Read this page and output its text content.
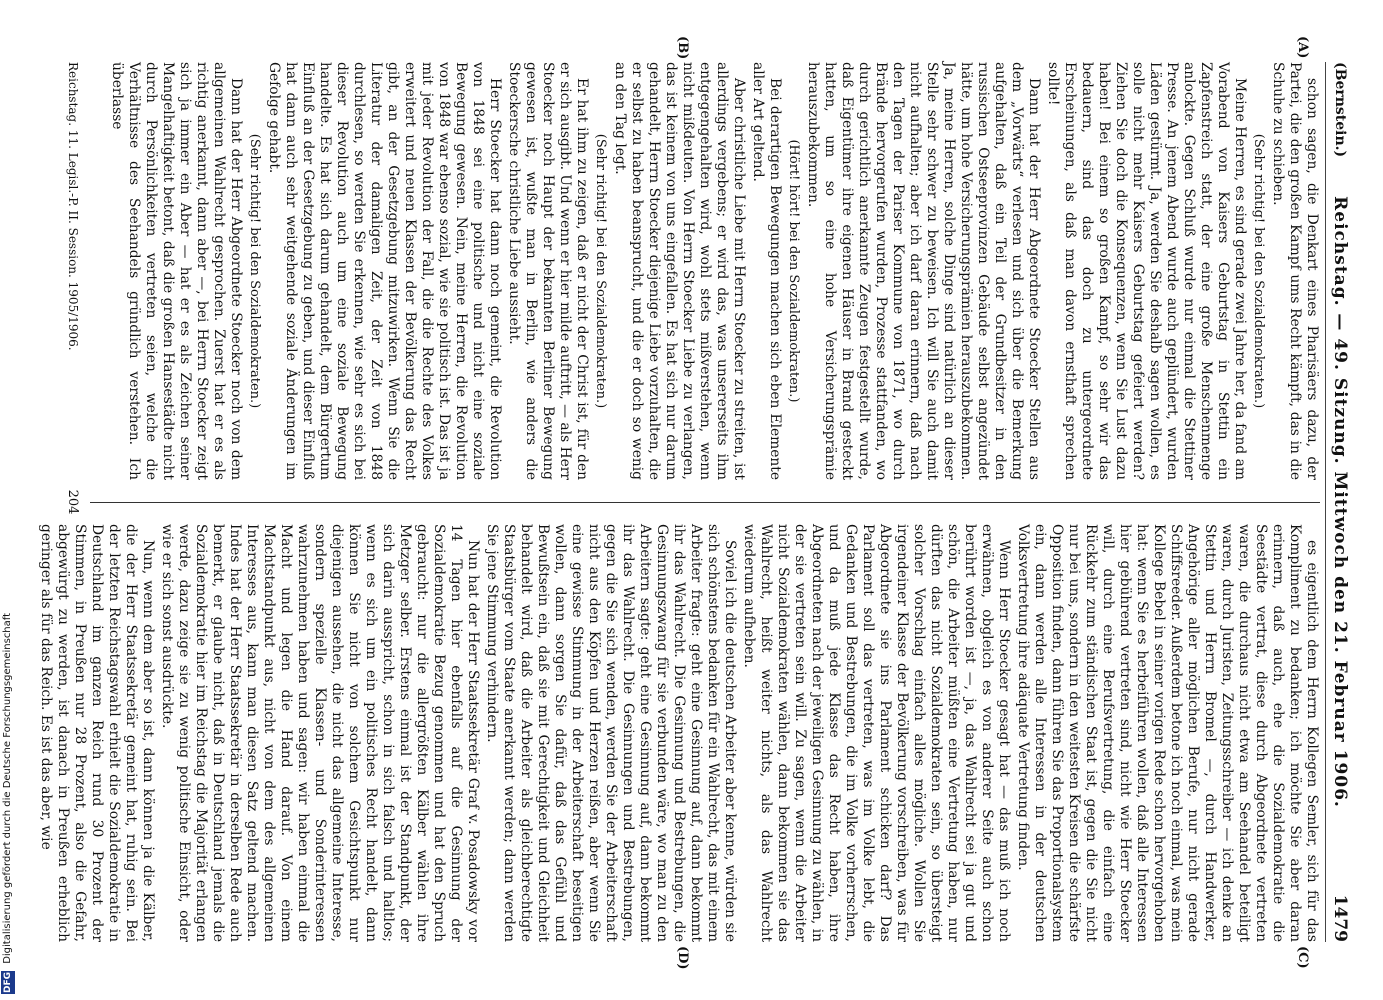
DFG Digitalisierung gefördert durch die Deutsche Forschungsgemeinschaft
(Bernstein.)
Reichstag. — 49. Sitzung. Mittwoch den 21. Februar 1906.
1479
(A)
(B)
(C)
(D)

schon sagen, die Denkart eines Pharisäers dazu, der Partei, die den großen Kampf ums Recht kämpft, das in die Schuhe zu schieben.

(Sehr richtig! bei den Sozialdemokraten.)

Meine Herren, es sind gerade zwei Jahre her, da fand am Vorabend von Kaisers Geburtstag in Stettin ein Zapfenstreich statt, der eine große Menschenmenge anlockte. Gegen Schluß wurde nur einmal die Stettiner Presse. An jenem Abend wurde auch geplündert, wurden Läden gestürmt. Ja, werden Sie deshalb sagen wollen, es solle nicht mehr Kaisers Geburtstag gefeiert werden? Ziehen Sie doch die Konsequenzen, wenn Sie Lust dazu haben! Bei einem so großen Kampf, so sehr wir das bedauern, sind das doch zu untergeordnete Erscheinungen, als daß man davon ernsthaft sprechen sollte!

Dann hat der Herr Abgeordnete Stoecker Stellen aus dem „Vorwärts“ verlesen und sich über die Bemerkung aufgehalten, daß ein Teil der Grundbesitzer in den russischen Ostseeprovinzen Gebäude selbst angezündet hätte, um hohe Versicherungsprämien herauszubekommen. Ja, meine Herren, solche Dinge sind natürlich an dieser Stelle sehr schwer zu beweisen. Ich will Sie auch damit nicht aufhalten; aber ich darf daran erinnern, daß nach den Tagen der Pariser Kommune von 1871, wo durch Brände hervorgerufen wurden, Prozesse stattfanden, wo durch gerichtlich anerkannte Zeugen festgestellt wurde, daß Eigentümer ihre eigenen Häuser in Brand gesteckt hatten, um so eine hohe Versicherungsprämie herauszubekommen.

(Hört! hört! bei den Sozialdemokraten.)

Bei derartigen Bewegungen machen sich eben Elemente aller Art geltend.

Aber christliche Liebe mit Herrn Stoecker zu streiten, ist allerdings vergebens; er wird das, was unsererseits ihm entgegengehalten wird, wohl stets mißverstehen, wenn nicht mißdeuten. Von Herrn Stoecker Liebe zu verlangen, das ist keinem von uns eingefallen. Es hat sich nur darum gehandelt, Herrn Stoecker diejenige Liebe vorzuhalten, die er selbst zu haben beansprucht, und die er doch so wenig an den Tag legt.

(Sehr richtig! bei den Sozialdemokraten.)

Er hat ihm zu zeigen, daß er nicht der Christ ist, für den er sich ausgibt. Und wenn er hier milde auftritt, — als Herr Stoecker noch Haupt der bekannten Berliner Bewegung gewesen ist, wußte man in Berlin, wie anders die Stoeckersche christliche Liebe aussieht.

Herr Stoecker hat dann noch gemeint, die Revolution von 1848 sei eine politische und nicht eine soziale Bewegung gewesen. Nein, meine Herren, die Revolution von 1848 war ebenso sozial, wie sie politisch ist. Das ist ja mit jeder Revolution der Fall, die die Rechte des Volkes erweitert und neuen Klassen der Bevölkerung das Recht gibt, an der Gesetzgebung mitzuwirken. Wenn Sie die Literatur der damaligen Zeit, der Zeit von 1848 durchlesen, so werden Sie erkennen, wie sehr es sich bei dieser Revolution auch um eine soziale Bewegung handelte. Es hat sich darum gehandelt, dem Bürgertum Einfluß an der Gesetzgebung zu geben, und dieser Einfluß hat dann auch sehr weitgehende soziale Änderungen im Gefolge gehabt.

(Sehr richtig! bei den Sozialdemokraten.)

Dann hat der Herr Abgeordnete Stoecker noch von dem allgemeinen Wahlrecht gesprochen. Zuerst hat er es als richtig anerkannt, dann aber —, bei Herrn Stoecker zeigt sich ja immer ein Aber — hat er es als Zeichen seiner Mangelhaftigkeit betont, daß die großen Hansestädte nicht durch Persönlichkeiten vertreten seien, welche die Verhältnisse des Seehandels gründlich verstehen. Ich überlasse

es eigentlich dem Herrn Kollegen Semler, sich für das Kompliment zu bedanken; ich möchte Sie aber daran erinnern, daß auch, ehe die Sozialdemokratie die Seestädte vertrat, diese durch Abgeordnete vertreten waren, die durchaus nicht etwa am Seehandel beteiligt waren, durch Juristen, Zeitungsschreiber — ich denke an Stettin und Herrn Bromel —, durch Handwerker, Angehörige aller möglichen Berufe, nur nicht gerade Schiffsreeder. Außerdem betone ich noch einmal, was mein Kollege Bebel in seiner vorigen Rede schon hervorgehoben hat: wenn Sie es herbeiführen wollen, daß alle Interessen hier gebührend vertreten sind, nicht wie Herr Stoecker will, durch eine Berufsvertretung, die einfach eine Rückkehr zum ständischen Staat ist, gegen die Sie nicht nur bei uns, sondern in den weitesten Kreisen die schärfste Opposition finden, dann führen Sie das Proportionalsystem ein, dann werden alle Interessen in der deutschen Volksvertretung ihre adäquate Vertretung finden.

Wenn Herr Stoecker gesagt hat — das muß ich noch erwähnen, obgleich es von anderer Seite auch schon berührt worden ist —, ja, das Wahlrecht sei ja gut und schön, die Arbeiter müßten eine Vertretung haben, nur dürften das nicht Sozialdemokraten sein, so übersteigt solcher Vorschlag einfach alles mögliche. Wollen Sie irgendeiner Klasse der Bevölkerung vorschreiben, was für Abgeordnete sie ins Parlament schicken darf? Das Parlament soll das vertreten, was im Volke lebt, die Gedanken und Bestrebungen, die im Volke vorherrschen, und da muß jede Klasse das Recht haben, ihre Abgeordneten nach der jeweiligen Gesinnung zu wählen, in der sie vertreten sein will. Zu sagen, wenn die Arbeiter nicht Sozialdemokraten wählen, dann bekommen sie das Wahlrecht, heißt weiter nichts, als das Wahlrecht wiederum aufheben.

Soviel ich die deutschen Arbeiter aber kenne, würden sie sich schönstens bedanken für ein Wahlrecht, das mit einem Arbeiter fragte: geht eine Gesinnung auf, dann bekommt ihr das Wahlrecht. Die Gesinnung und Bestrebungen, die Gesinnungszwang für sie verbunden wäre, wo man zu den Arbeitern sagte: geht eine Gesinnung auf, dann bekommt ihr das Wahlrecht. Die Gesinnungen und Bestrebungen, gegen die Sie sich wenden, werden Sie der Arbeiterschaft nicht aus den Köpfen und Herzen reißen, aber wenn Sie eine gewisse Stimmung in der Arbeiterschaft beseitigen wollen, dann sorgen Sie dafür, daß das Gefühl und Bewußtsein ein, daß sie mit Gerechtigkeit und Gleichheit behandelt wird, daß die Arbeiter als gleichberechtigte Staatsbürger vom Staate anerkannt werden; dann werden Sie jene Stimmung verhindern.

Nun hat der Herr Staatssekretär Graf v. Posadowsky vor 14 Tagen hier ebenfalls auf die Gesinnung der Sozialdemokratie Bezug genommen und hat den Spruch gebraucht: nur die allergrößten Kälber wählen ihre Metzger selber. Erstens einmal ist der Standpunkt, der sich darin ausspricht, schon in sich falsch und haltlos; wenn es sich um ein politisches Recht handelt, dann können Sie nicht von solchem Gesichtspunkt nur diejenigen aussehen, die nicht das allgemeine Interesse, sondern spezielle Klassen- und Sonderinteressen wahrzunehmen haben und sagen: wir haben einmal die Macht und legen die Hand darauf. Von einem Machtstandpunkt aus, nicht von dem des allgemeinen Interesses aus, kann man diesen Satz geltend machen. Indes hat der Herr Staatssekretär in derselben Rede auch bemerkt, er glaube nicht, daß in Deutschland jemals die Sozialdemokratie hier im Reichstag die Majorität erlangen werde, dazu zeige sie zu wenig politische Einsicht, oder wie er sich sonst ausdrückte.

Nun, wenn dem aber so ist, dann können ja die Kälber, die der Herr Staatssekretär gemeint hat, ruhig sein. Bei der letzten Reichstagswahl erhielt die Sozialdemokratie in Deutschland im ganzen Reich rund 30 Prozent der Stimmen, in Preußen nur 28 Prozent, also die Gefahr, abgewürgt zu werden, ist danach in Preußen erheblich geringer als für das Reich. Es ist das aber, wie

Reichstag. 11. Legisl.-P. II. Session. 1905/1906.
204
